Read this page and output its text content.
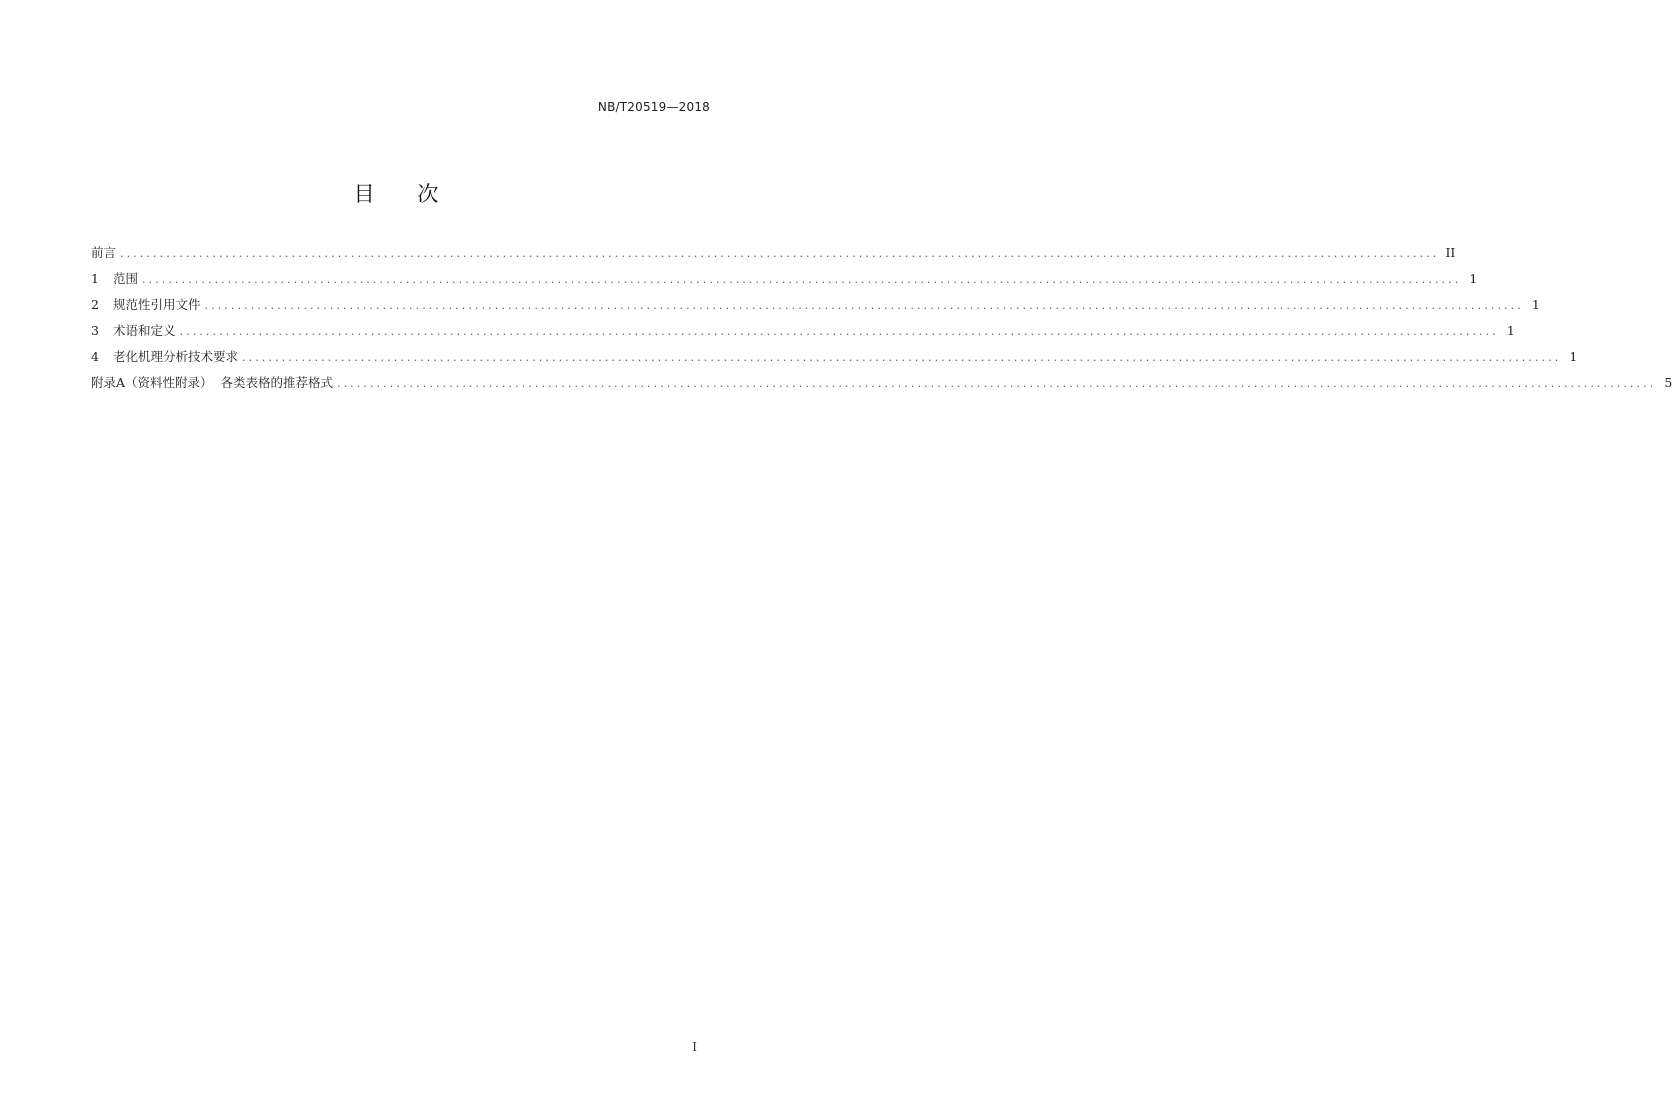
NB/T20519—2018
目 次
前言 ........................................................................................................................................................................................................ II
1 范围 ........................................................................................................................................................................................................ 1
2 规范性引用文件 ........................................................................................................................................................................................................ 1
3 术语和定义 ........................................................................................................................................................................................................ 1
4 老化机理分析技术要求 ........................................................................................................................................................................................................ 1
附录A（资料性附录）  各类表格的推荐格式 ........................................................................................................................................................................................................ 5
I
